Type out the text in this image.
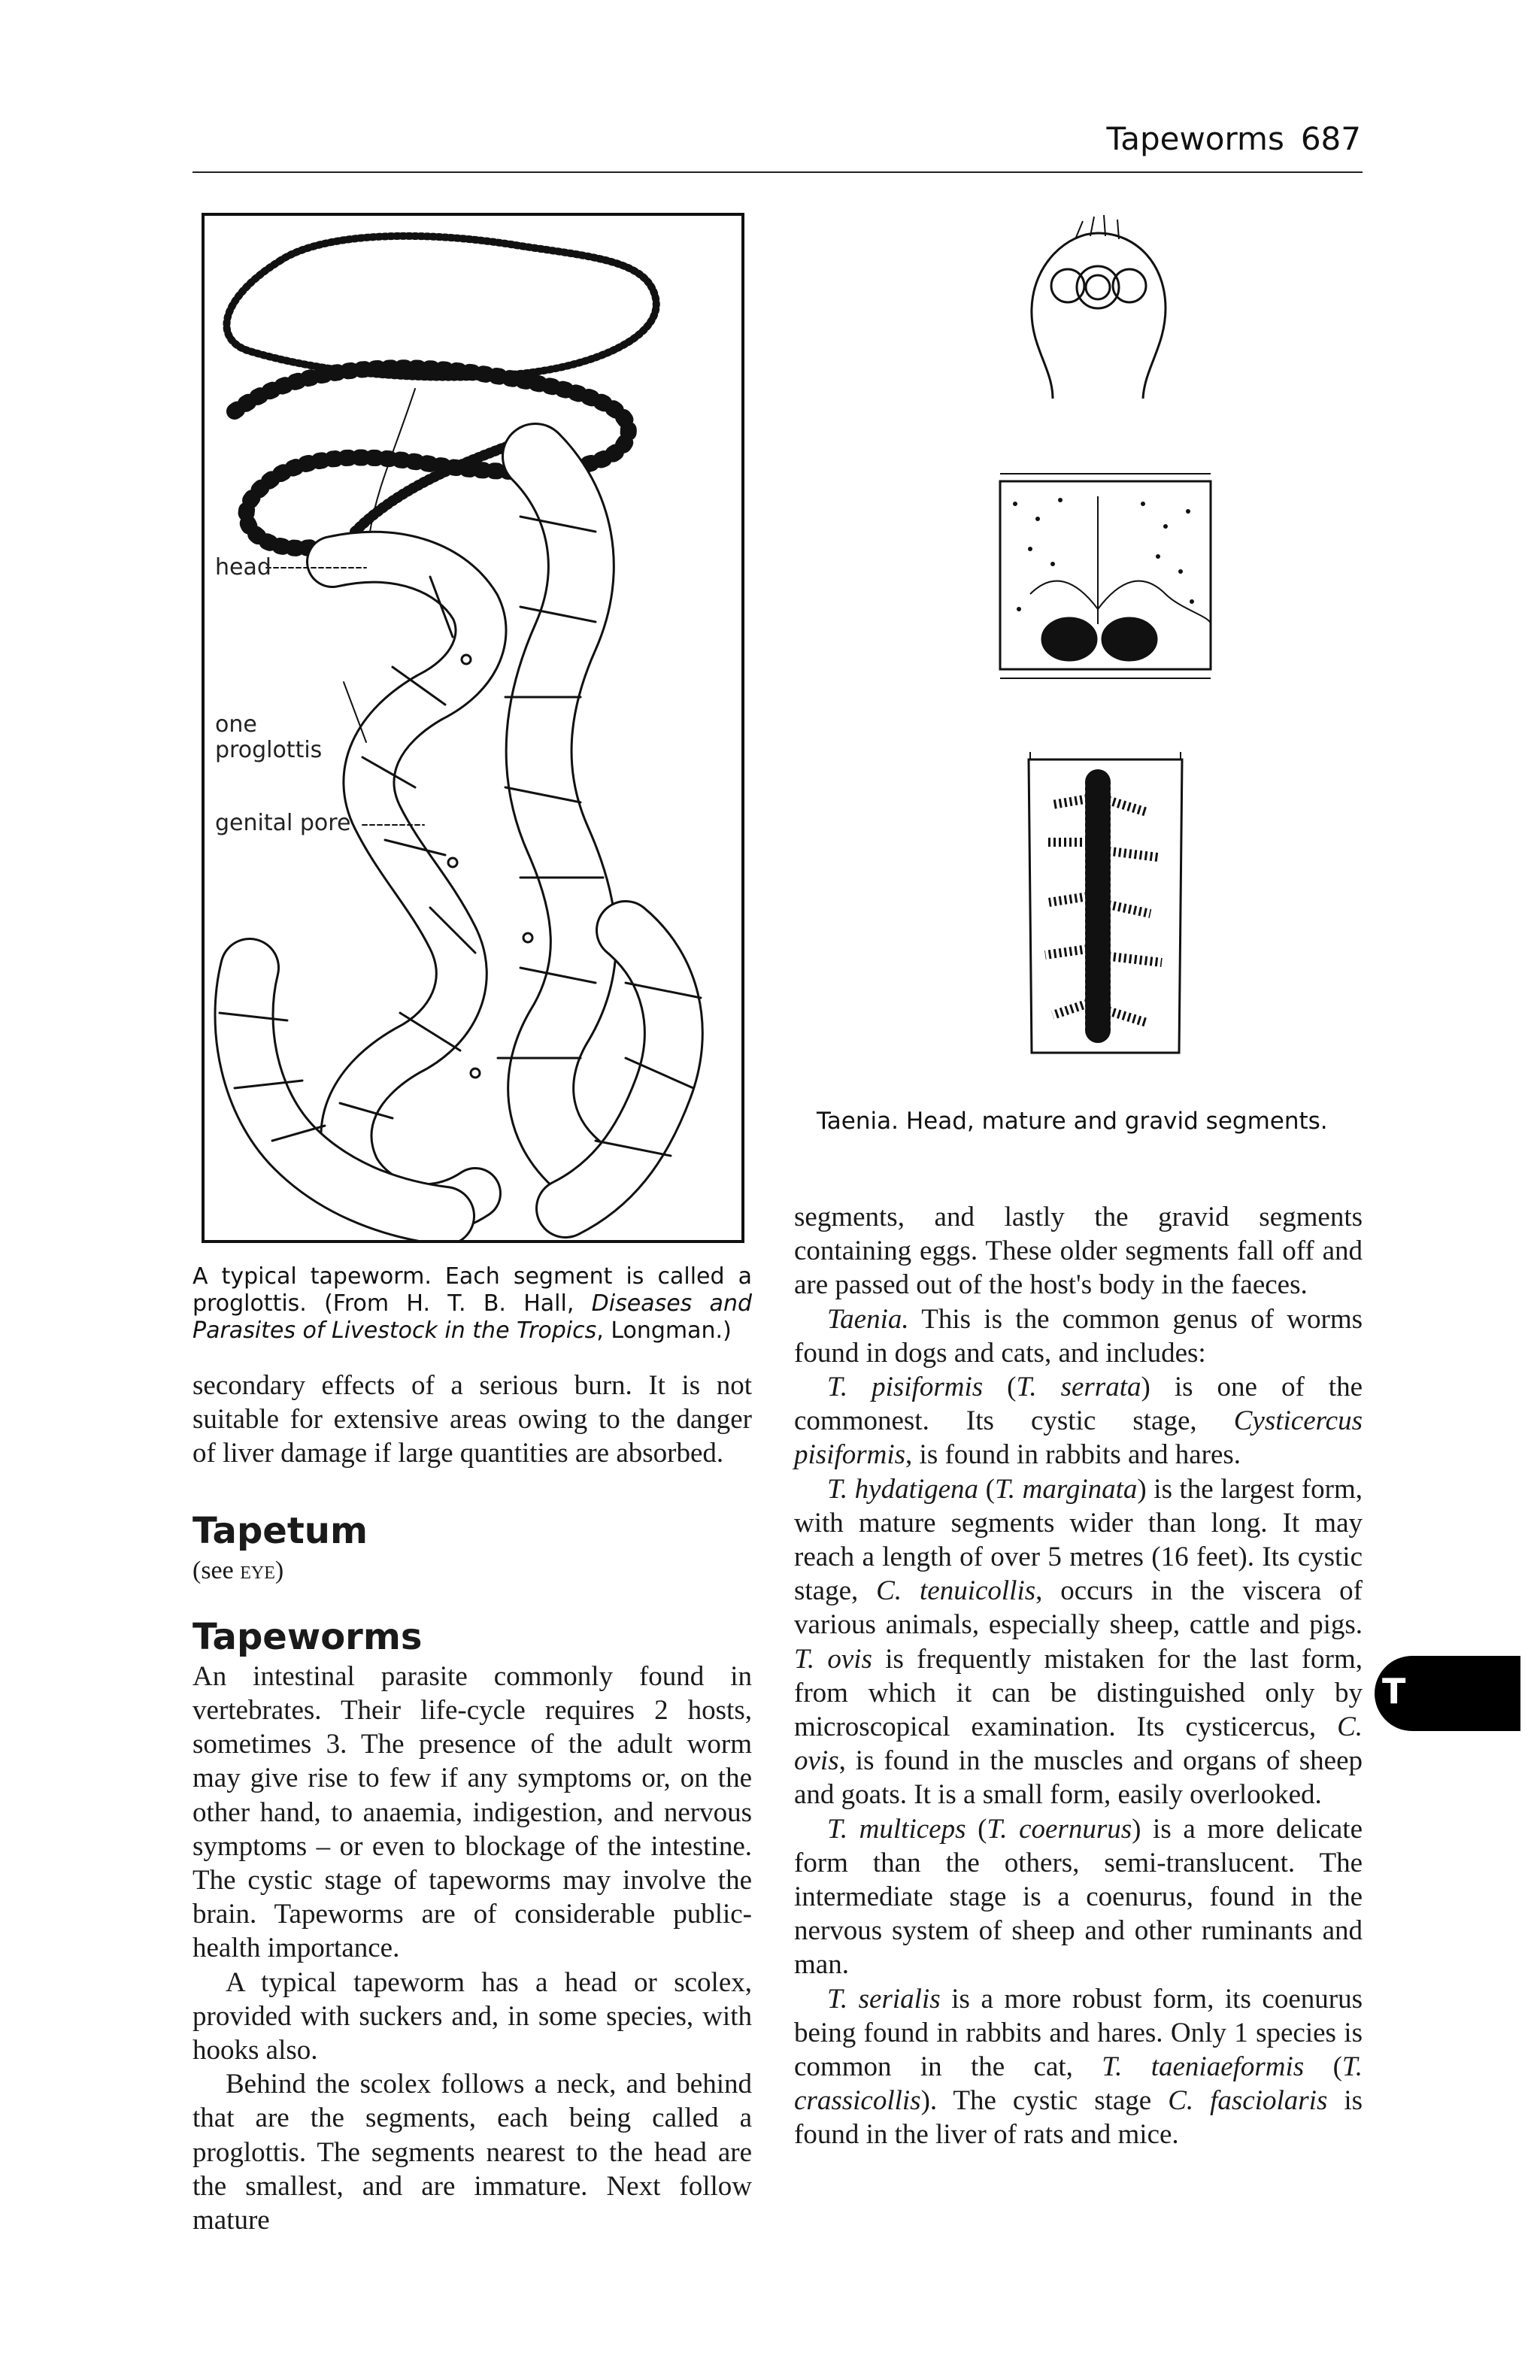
Tapeworms 687
head
one proglottis
genital pore
A typical tapeworm. Each segment is called a proglottis. (From H. T. B. Hall, Diseases and Parasites of Livestock in the Tropics, Longman.)
Taenia. Head, mature and gravid segments.

secondary effects of a serious burn. It is not suitable for extensive areas owing to the danger of liver damage if large quantities are absorbed.

Tapetum
(see eye)
Tapeworms

An intestinal parasite commonly found in vertebrates. Their life-cycle requires 2 hosts, sometimes 3. The presence of the adult worm may give rise to few if any symptoms or, on the other hand, to anaemia, indigestion, and nervous symptoms – or even to blockage of the intestine. The cystic stage of tapeworms may involve the brain. Tapeworms are of considerable public-health importance.

A typical tapeworm has a head or scolex, provided with suckers and, in some species, with hooks also.

Behind the scolex follows a neck, and behind that are the segments, each being called a proglottis. The segments nearest to the head are the smallest, and are immature. Next follow mature

segments, and lastly the gravid segments containing eggs. These older segments fall off and are passed out of the host's body in the faeces.

Taenia. This is the common genus of worms found in dogs and cats, and includes:

T. pisiformis (T. serrata) is one of the commonest. Its cystic stage, Cysticercus pisiformis, is found in rabbits and hares.

T. hydatigena (T. marginata) is the largest form, with mature segments wider than long. It may reach a length of over 5 metres (16 feet). Its cystic stage, C. tenuicollis, occurs in the viscera of various animals, especially sheep, cattle and pigs. T. ovis is frequently mistaken for the last form, from which it can be distinguished only by microscopical examination. Its cysticercus, C. ovis, is found in the muscles and organs of sheep and goats. It is a small form, easily overlooked.

T. multiceps (T. coernurus) is a more delicate form than the others, semi-translucent. The intermediate stage is a coenurus, found in the nervous system of sheep and other ruminants and man.

T. serialis is a more robust form, its coenurus being found in rabbits and hares. Only 1 species is common in the cat, T. taeniaeformis (T. crassicollis). The cystic stage C. fasciolaris is found in the liver of rats and mice.

T
